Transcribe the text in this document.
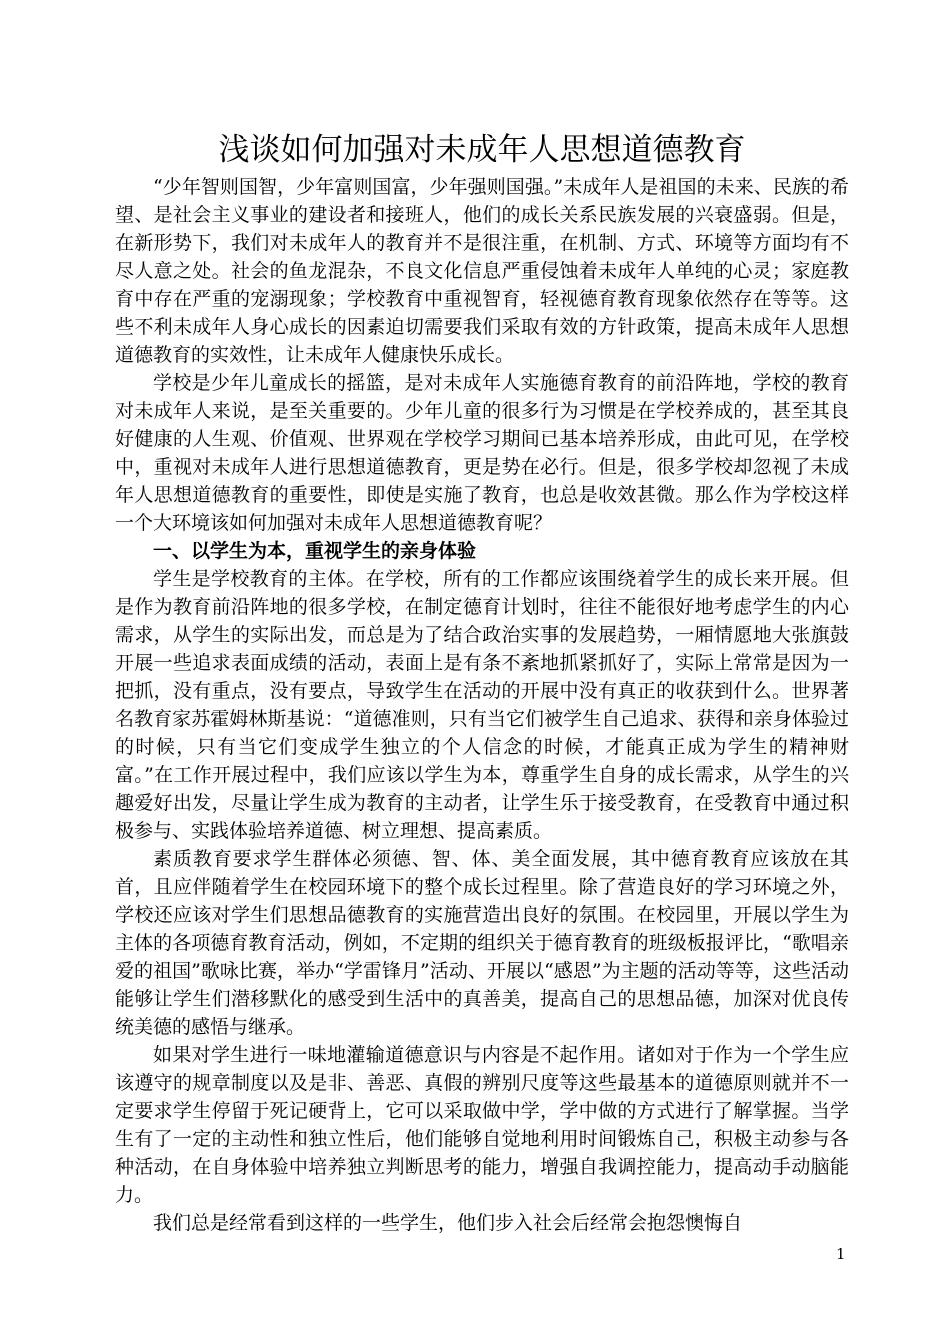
浅谈如何加强对未成年人思想道德教育

“少年智则国智，少年富则国富，少年强则国强。”未成年人是祖国的未来、民族的希望、是社会主义事业的建设者和接班人，他们的成长关系民族发展的兴衰盛弱。但是，在新形势下，我们对未成年人的教育并不是很注重，在机制、方式、环境等方面均有不尽人意之处。社会的鱼龙混杂，不良文化信息严重侵蚀着未成年人单纯的心灵；家庭教育中存在严重的宠溺现象；学校教育中重视智育，轻视德育教育现象依然存在等等。这些不利未成年人身心成长的因素迫切需要我们采取有效的方针政策，提高未成年人思想道德教育的实效性，让未成年人健康快乐成长。

学校是少年儿童成长的摇篮，是对未成年人实施德育教育的前沿阵地，学校的教育对未成年人来说，是至关重要的。少年儿童的很多行为习惯是在学校养成的，甚至其良好健康的人生观、价值观、世界观在学校学习期间已基本培养形成，由此可见，在学校中，重视对未成年人进行思想道德教育，更是势在必行。但是，很多学校却忽视了未成年人思想道德教育的重要性，即使是实施了教育，也总是收效甚微。那么作为学校这样一个大环境该如何加强对未成年人思想道德教育呢？

一、以学生为本，重视学生的亲身体验

学生是学校教育的主体。在学校，所有的工作都应该围绕着学生的成长来开展。但是作为教育前沿阵地的很多学校，在制定德育计划时，往往不能很好地考虑学生的内心需求，从学生的实际出发，而总是为了结合政治实事的发展趋势，一厢情愿地大张旗鼓开展一些追求表面成绩的活动，表面上是有条不紊地抓紧抓好了，实际上常常是因为一把抓，没有重点，没有要点，导致学生在活动的开展中没有真正的收获到什么。世界著名教育家苏霍姆林斯基说：“道德准则，只有当它们被学生自己追求、获得和亲身体验过的时候，只有当它们变成学生独立的个人信念的时候，才能真正成为学生的精神财富。”在工作开展过程中，我们应该以学生为本，尊重学生自身的成长需求，从学生的兴趣爱好出发，尽量让学生成为教育的主动者，让学生乐于接受教育，在受教育中通过积极参与、实践体验培养道德、树立理想、提高素质。

素质教育要求学生群体必须德、智、体、美全面发展，其中德育教育应该放在其首，且应伴随着学生在校园环境下的整个成长过程里。除了营造良好的学习环境之外，学校还应该对学生们思想品德教育的实施营造出良好的氛围。在校园里，开展以学生为主体的各项德育教育活动，例如，不定期的组织关于德育教育的班级板报评比，“歌唱亲爱的祖国”歌咏比赛，举办“学雷锋月”活动、开展以“感恩”为主题的活动等等，这些活动能够让学生们潜移默化的感受到生活中的真善美，提高自己的思想品德，加深对优良传统美德的感悟与继承。

如果对学生进行一味地灌输道德意识与内容是不起作用。诸如对于作为一个学生应该遵守的规章制度以及是非、善恶、真假的辨别尺度等这些最基本的道德原则就并不一定要求学生停留于死记硬背上，它可以采取做中学，学中做的方式进行了解掌握。当学生有了一定的主动性和独立性后，他们能够自觉地利用时间锻炼自己，积极主动参与各种活动，在自身体验中培养独立判断思考的能力，增强自我调控能力，提高动手动脑能力。

我们总是经常看到这样的一些学生，他们步入社会后经常会抱怨懊悔自

1
